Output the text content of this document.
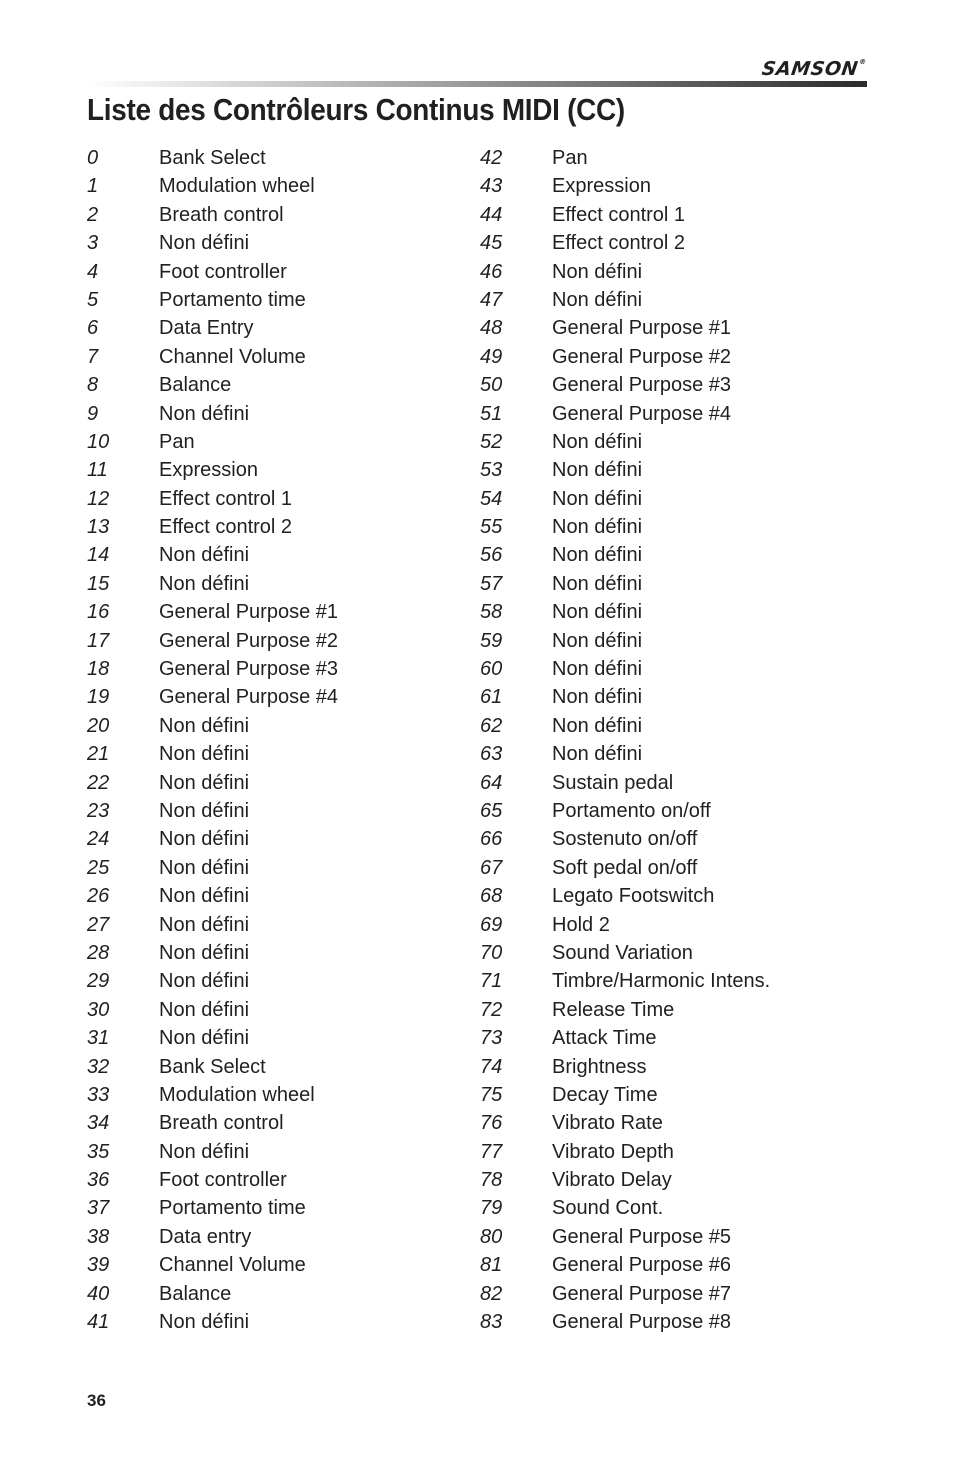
SAMSON®
Liste des Contrôleurs Continus MIDI (CC)
0	Bank Select
1	Modulation wheel
2	Breath control
3	Non défini
4	Foot controller
5	Portamento time
6	Data Entry
7	Channel Volume
8	Balance
9	Non défini
10	Pan
11	Expression
12	Effect control 1
13	Effect control 2
14	Non défini
15	Non défini
16	General Purpose #1
17	General Purpose #2
18	General Purpose #3
19	General Purpose #4
20	Non défini
21	Non défini
22	Non défini
23	Non défini
24	Non défini
25	Non défini
26	Non défini
27	Non défini
28	Non défini
29	Non défini
30	Non défini
31	Non défini
32	Bank Select
33	Modulation wheel
34	Breath control
35	Non défini
36	Foot controller
37	Portamento time
38	Data entry
39	Channel Volume
40	Balance
41	Non défini
42	Pan
43	Expression
44	Effect control 1
45	Effect control 2
46	Non défini
47	Non défini
48	General Purpose #1
49	General Purpose #2
50	General Purpose #3
51	General Purpose #4
52	Non défini
53	Non défini
54	Non défini
55	Non défini
56	Non défini
57	Non défini
58	Non défini
59	Non défini
60	Non défini
61	Non défini
62	Non défini
63	Non défini
64	Sustain pedal
65	Portamento on/off
66	Sostenuto on/off
67	Soft pedal on/off
68	Legato Footswitch
69	Hold 2
70	Sound Variation
71	Timbre/Harmonic Intens.
72	Release Time
73	Attack Time
74	Brightness
75	Decay Time
76	Vibrato Rate
77	Vibrato Depth
78	Vibrato Delay
79	Sound Cont.
80	General Purpose #5
81	General Purpose #6
82	General Purpose #7
83	General Purpose #8
36
